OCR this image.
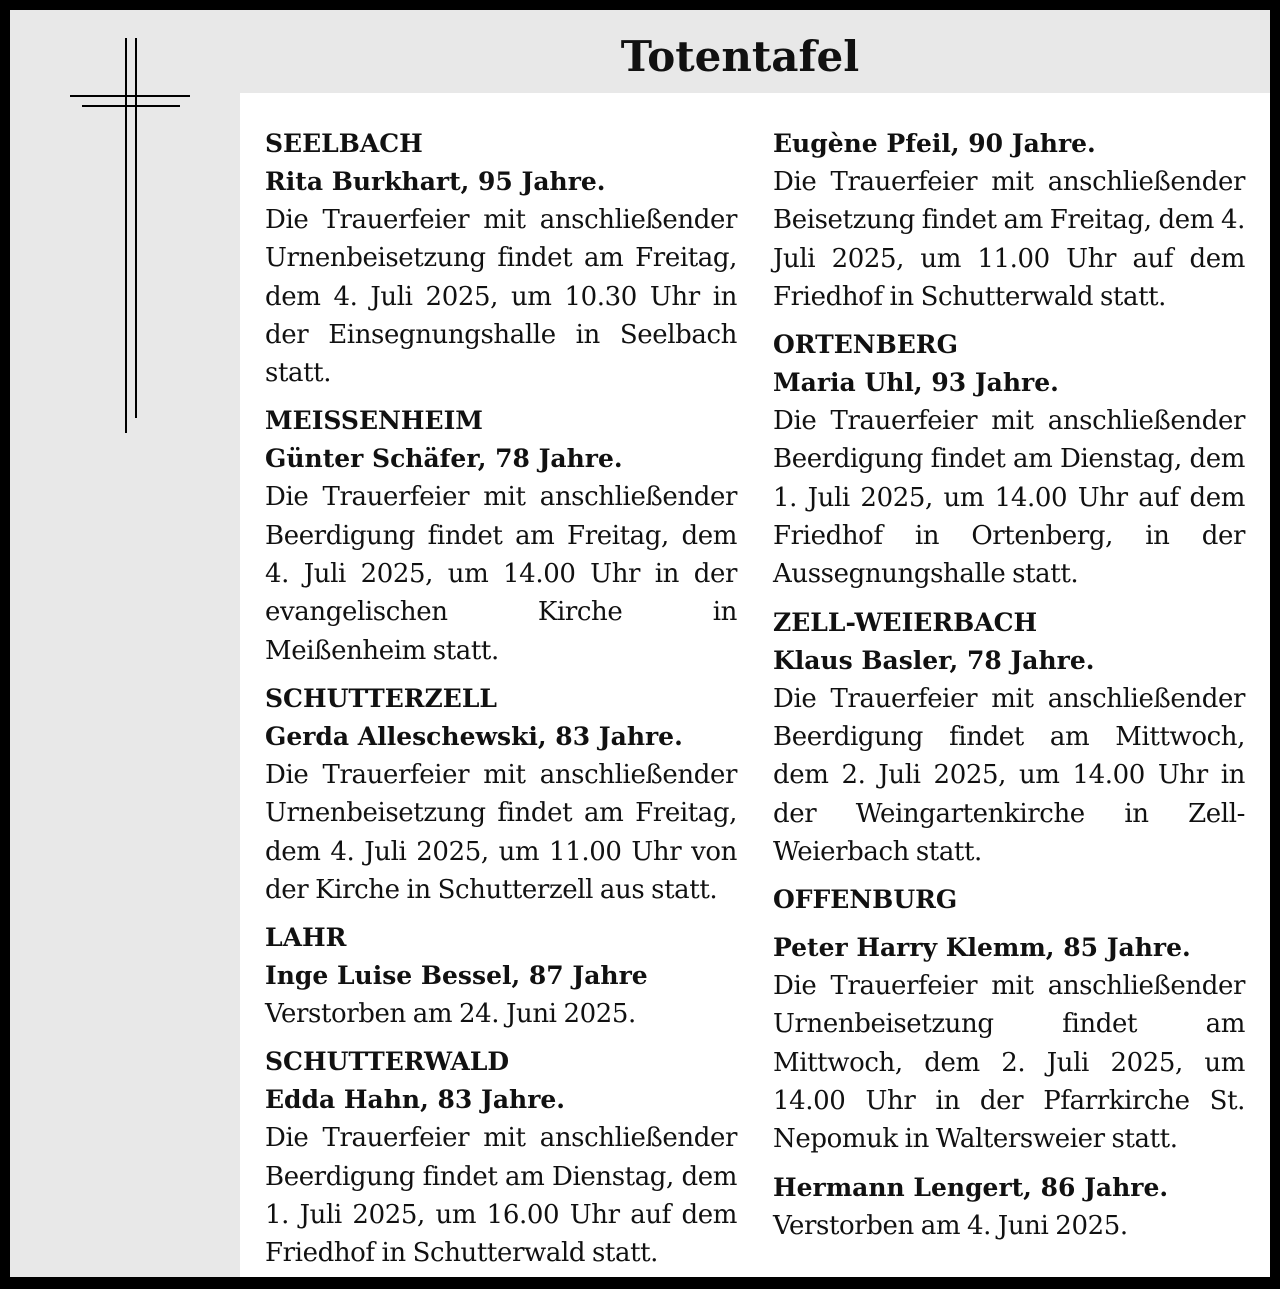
Totentafel

SEELBACH

Rita Burkhart, 95 Jahre.

Die Trauerfeier mit anschließender Urnenbeisetzung findet am Freitag, dem 4. Juli 2025, um 10.30 Uhr in der Einsegnungshalle in Seelbach statt.

MEISSENHEIM

Günter Schäfer, 78 Jahre.

Die Trauerfeier mit anschließender Beerdigung findet am Freitag, dem 4. Juli 2025, um 14.00 Uhr in der evangelischen Kirche in Meißenheim statt.

SCHUTTERZELL

Gerda Alleschewski, 83 Jahre.

Die Trauerfeier mit anschließender Urnenbeisetzung findet am Freitag, dem 4. Juli 2025, um 11.00 Uhr von der Kirche in Schutterzell aus statt.

LAHR

Inge Luise Bessel, 87 Jahre

Verstorben am 24. Juni 2025.

SCHUTTERWALD

Edda Hahn, 83 Jahre.

Die Trauerfeier mit anschließender Beerdigung findet am Dienstag, dem 1. Juli 2025, um 16.00 Uhr auf dem Friedhof in Schutterwald statt.

Eugène Pfeil, 90 Jahre.

Die Trauerfeier mit anschließender Beisetzung findet am Freitag, dem 4. Juli 2025, um 11.00 Uhr auf dem Friedhof in Schutterwald statt.

ORTENBERG

Maria Uhl, 93 Jahre.

Die Trauerfeier mit anschließender Beerdigung findet am Dienstag, dem 1. Juli 2025, um 14.00 Uhr auf dem Friedhof in Ortenberg, in der Aussegnungshalle statt.

ZELL-WEIERBACH

Klaus Basler, 78 Jahre.

Die Trauerfeier mit anschließender Beerdigung findet am Mittwoch, dem 2. Juli 2025, um 14.00 Uhr in der Weingartenkirche in Zell-Weierbach statt.

OFFENBURG

Peter Harry Klemm, 85 Jahre.

Die Trauerfeier mit anschließender Urnenbeisetzung findet am Mittwoch, dem 2. Juli 2025, um 14.00 Uhr in der Pfarrkirche St. Nepomuk in Waltersweier statt.

Hermann Lengert, 86 Jahre.

Verstorben am 4. Juni 2025.
